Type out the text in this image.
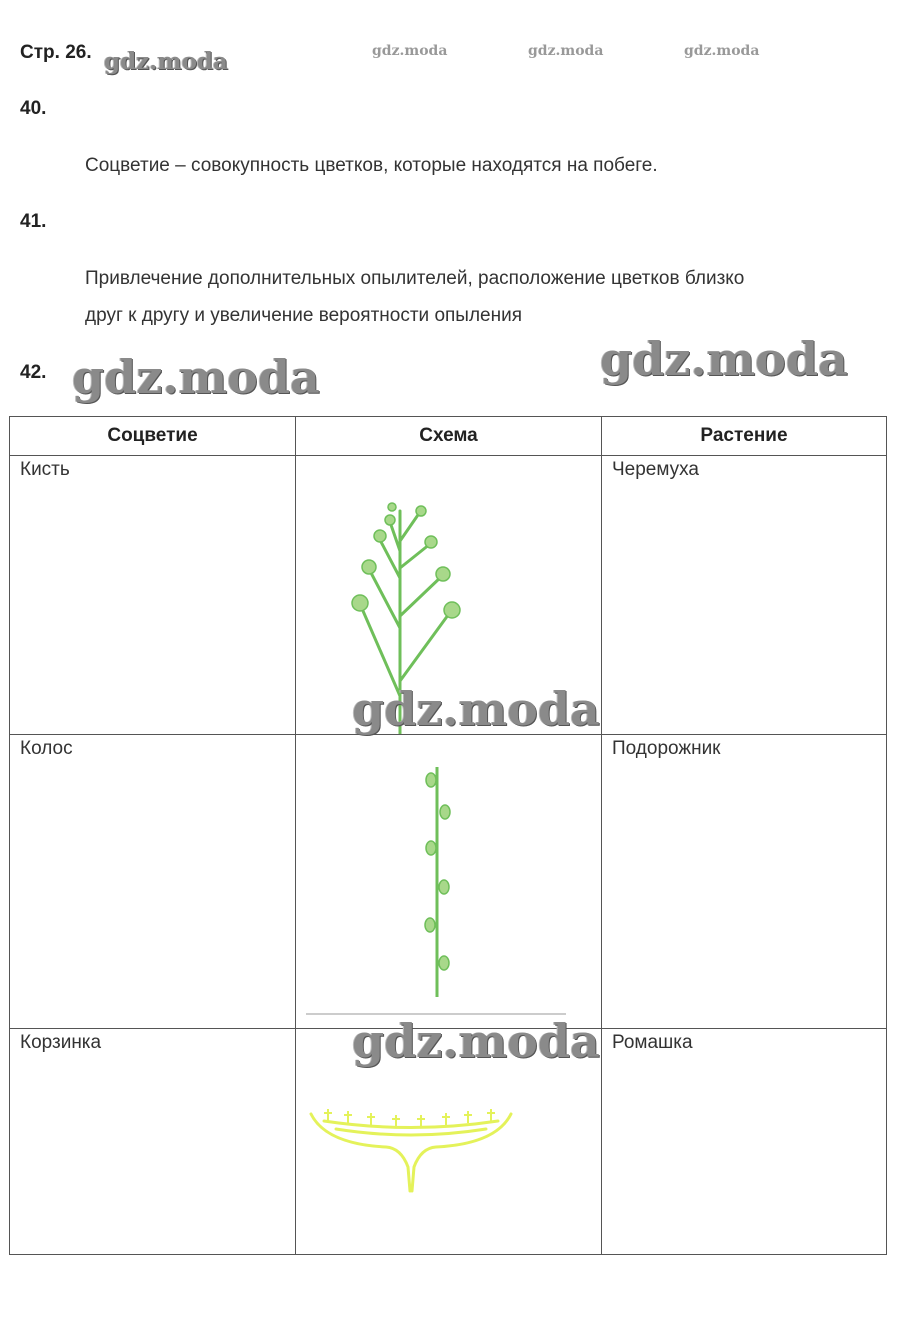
Стр. 26. gdz.moda	gdz.moda	gdz.moda	gdz.moda
40.
Соцветие – совокупность цветков, которые находятся на побеге.
41.
Привлечение дополнительных опылителей, расположение цветков близко
друг к другу и увеличение вероятности опыления
42. gdz.moda	gdz.moda
Соцветие	Схема	Растение
Кисть		Черемуха
Колос		Подорожник
Корзинка		Ромашка
gdz.moda
gdz.moda
